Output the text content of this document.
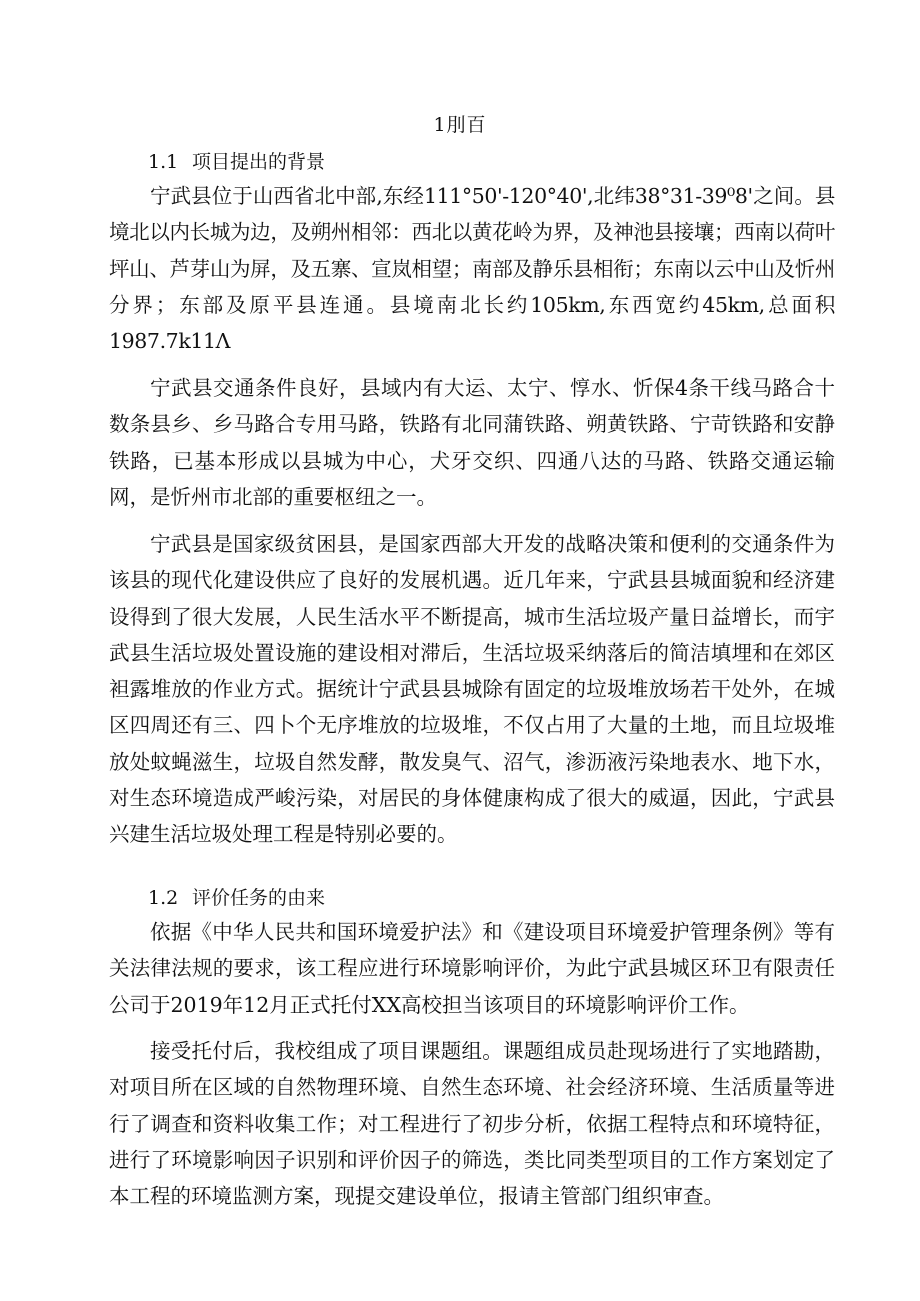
1刖百
1.1 项目提出的背景

宁武县位于山西省北中部,东经111°50'-120°40',北纬38°31-39⁰8'之间。县境北以内长城为边，及朔州相邻：西北以黄花岭为界，及神池县接壤；西南以荷叶坪山、芦芽山为屏，及五寨、宣岚相望；南部及静乐县相衔；东南以云中山及忻州分界；东部及原平县连通。县境南北长约105km,东西宽约45km,总面积1987.7k11Λ

宁武县交通条件良好，县域内有大运、太宁、惇水、忻保4条干线马路合十数条县乡、乡马路合专用马路，铁路有北同蒲铁路、朔黄铁路、宁苛铁路和安静铁路，已基本形成以县城为中心，犬牙交织、四通八达的马路、铁路交通运输网，是忻州市北部的重要枢纽之一。

宁武县是国家级贫困县，是国家西部大开发的战略决策和便利的交通条件为该县的现代化建设供应了良好的发展机遇。近几年来，宁武县县城面貌和经济建设得到了很大发展，人民生活水平不断提高，城市生活垃圾产量日益增长，而宇武县生活垃圾处置设施的建设相对滞后，生活垃圾采纳落后的简洁填埋和在郊区袒露堆放的作业方式。据统计宁武县县城除有固定的垃圾堆放场若干处外，在城区四周还有三、四卜个无序堆放的垃圾堆，不仅占用了大量的土地，而且垃圾堆放处蚊蝇滋生，垃圾自然发酵，散发臭气、沼气，渗沥液污染地表水、地下水，对生态环境造成严峻污染，对居民的身体健康构成了很大的威逼，因此，宁武县兴建生活垃圾处理工程是特别必要的。

1.2 评价任务的由来

依据《中华人民共和国环境爱护法》和《建设项目环境爱护管理条例》等有关法律法规的要求，该工程应进行环境影响评价，为此宁武县城区环卫有限责任公司于2019年12月正式托付XX高校担当该项目的环境影响评价工作。

接受托付后，我校组成了项目课题组。课题组成员赴现场进行了实地踏勘，对项目所在区域的自然物理环境、自然生态环境、社会经济环境、生活质量等进行了调查和资料收集工作；对工程进行了初步分析，依据工程特点和环境特征，进行了环境影响因子识别和评价因子的筛选，类比同类型项目的工作方案划定了本工程的环境监测方案，现提交建设单位，报请主管部门组织审查。
